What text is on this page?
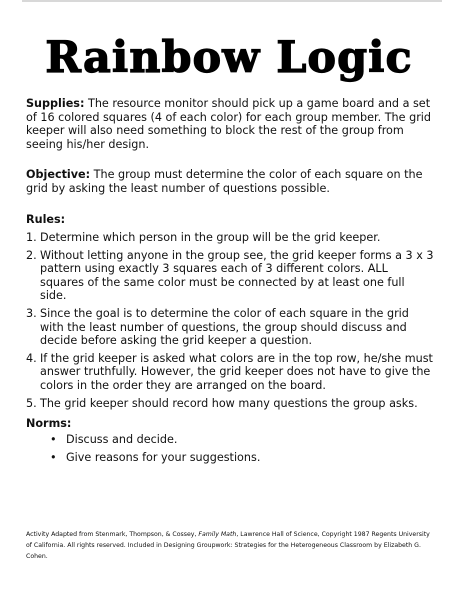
Rainbow Logic
Supplies: The resource monitor should pick up a game board and a set of 16 colored squares (4 of each color) for each group member. The grid keeper will also need something to block the rest of the group from seeing his/her design.
Objective: The group must determine the color of each square on the grid by asking the least number of questions possible.
Rules:
1. Determine which person in the group will be the grid keeper.
2. Without letting anyone in the group see, the grid keeper forms a 3 x 3 pattern using exactly 3 squares each of 3 different colors. ALL squares of the same color must be connected by at least one full side.
3. Since the goal is to determine the color of each square in the grid with the least number of questions, the group should discuss and decide before asking the grid keeper a question.
4. If the grid keeper is asked what colors are in the top row, he/she must answer truthfully. However, the grid keeper does not have to give the colors in the order they are arranged on the board.
5. The grid keeper should record how many questions the group asks.
Norms:
• Discuss and decide.
• Give reasons for your suggestions.
Activity Adapted from Stenmark, Thompson, & Cossey, Family Math, Lawrence Hall of Science, Copyright 1987 Regents University of California. All rights reserved. Included in Designing Groupwork: Strategies for the Heterogeneous Classroom by Elizabeth G. Cohen.
